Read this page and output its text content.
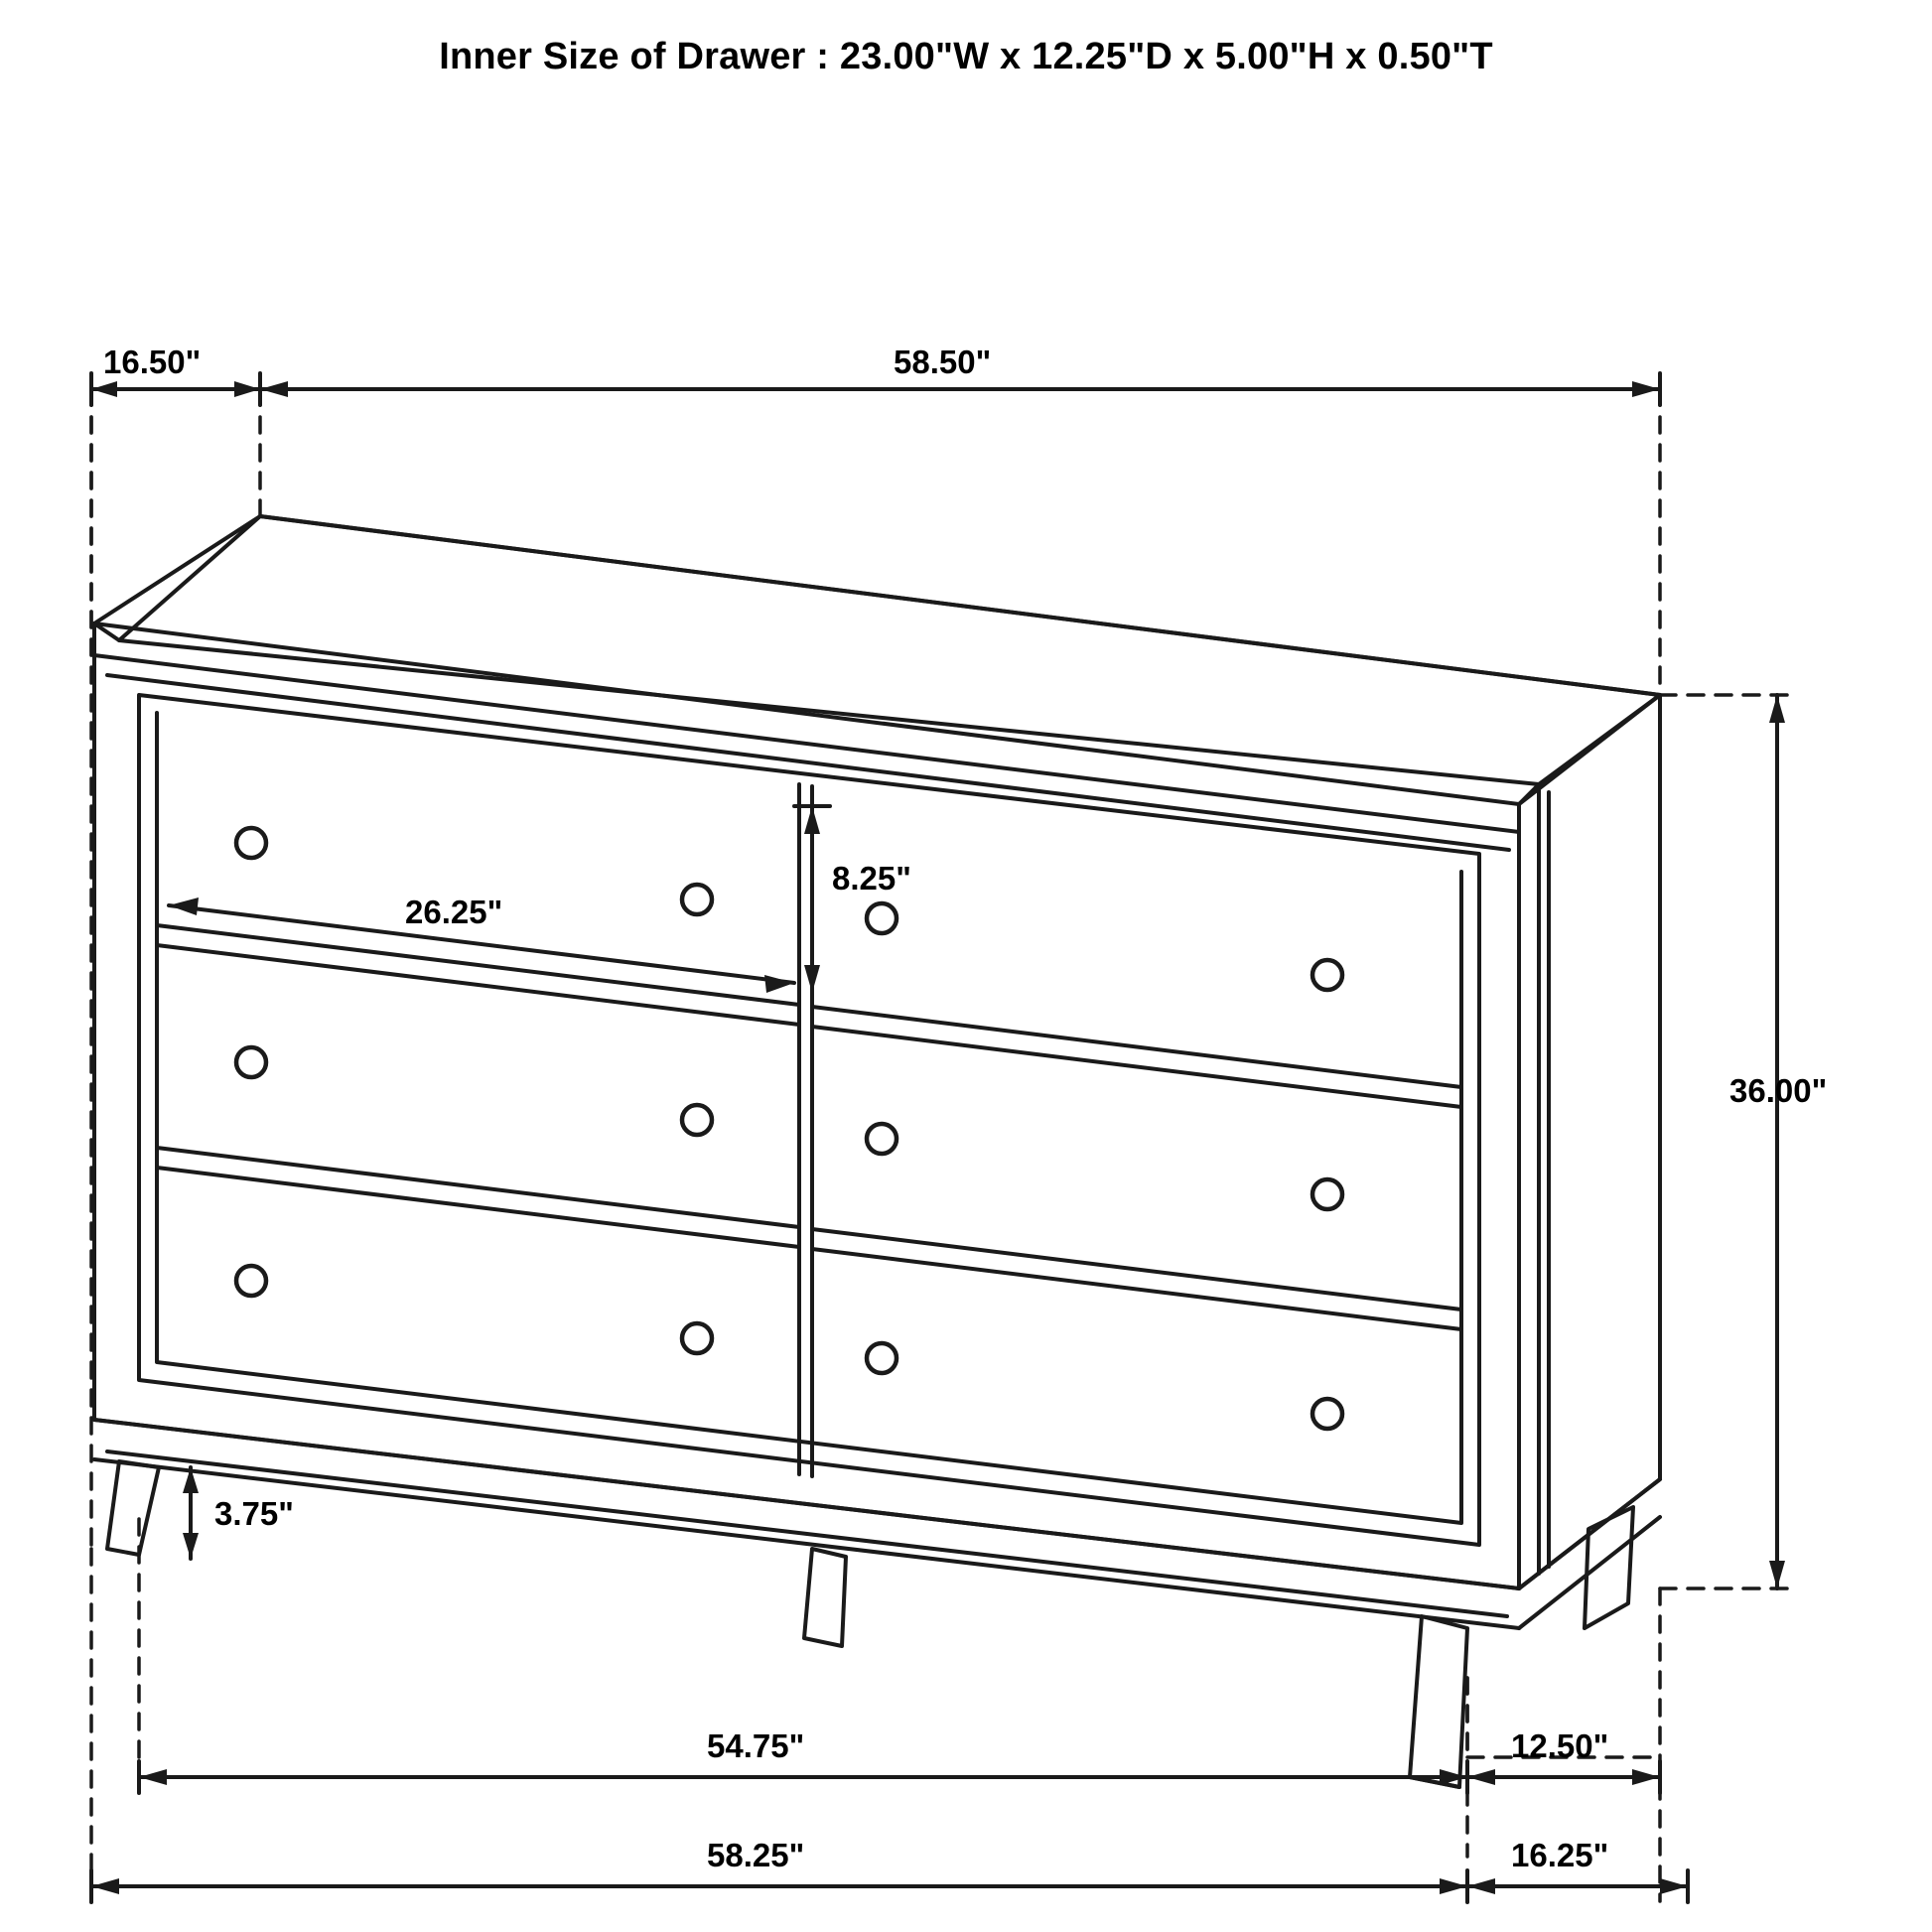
Inner Size of Drawer : 23.00"W x 12.25"D x 5.00"H x 0.50"T
16.50"	58.50"
36.00"
26.25"
8.25"
3.75"
54.75"
58.25"
12.50"
16.25"
